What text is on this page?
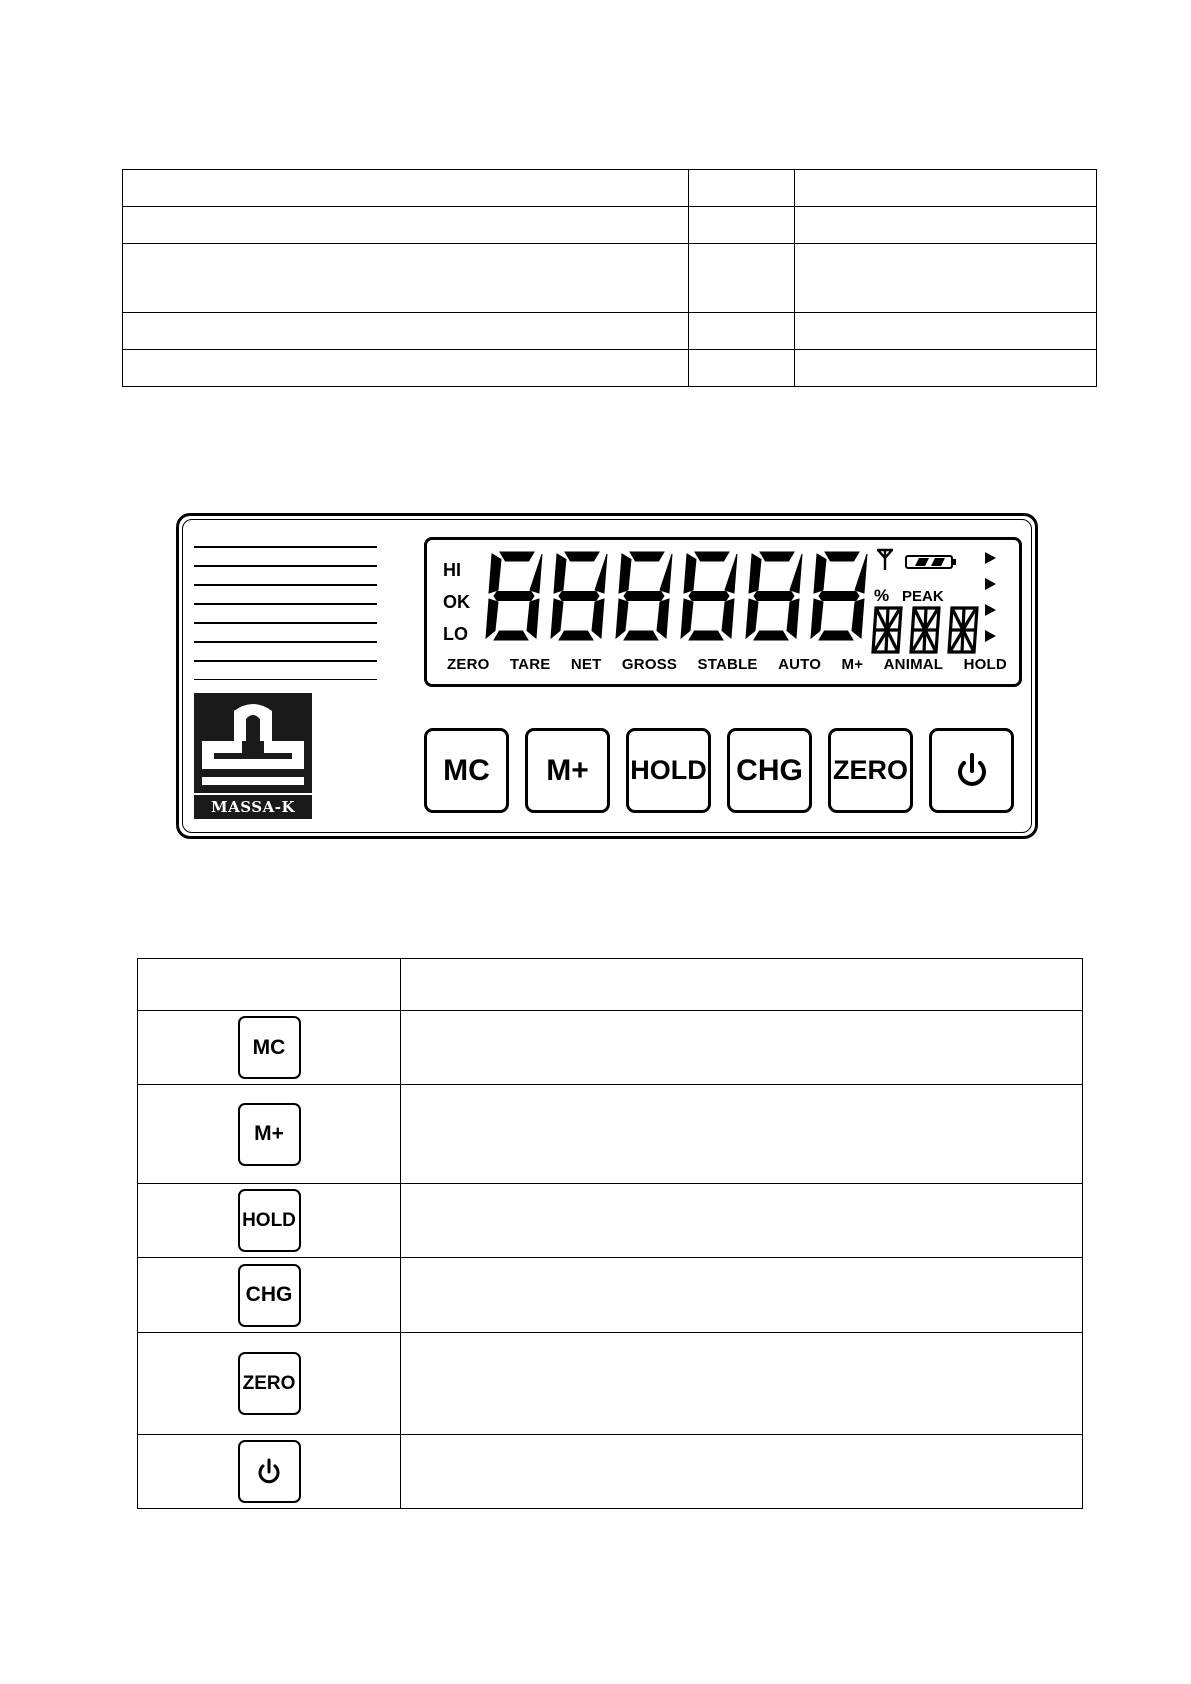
MASSA-K
HI
OK
LO
% PEAK
ZERO TARE NET GROSS STABLE AUTO M+ ANIMAL HOLD
MC	M+	HOLD CHG	ZERO

MC	
M+	
HOLD	
CHG	
ZERO	
